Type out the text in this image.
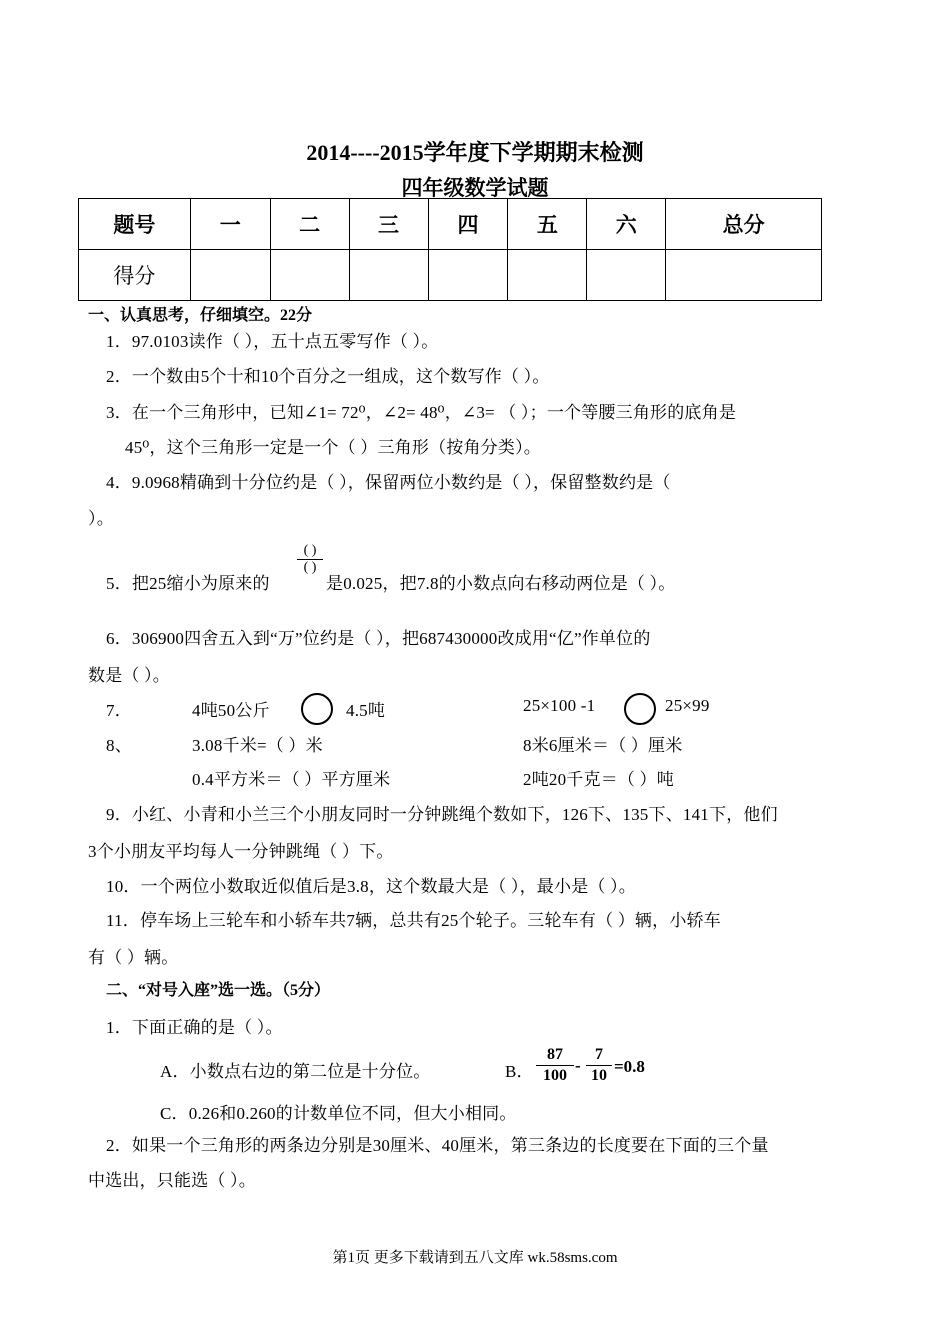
2014----2015学年度下学期期末检测
四年级数学试题
题号	一	二	三	四	五	六	总分
得分							
一、认真思考，仔细填空。22分
1．97.0103读作（ ），五十点五零写作（ ）。
2．一个数由5个十和10个百分之一组成，这个数写作（ ）。
3．在一个三角形中，已知∠1= 72⁰，∠2= 48⁰，∠3= （ ）；一个等腰三角形的底角是
45⁰，这个三角形一定是一个（ ）三角形（按角分类）。
4．9.0968精确到十分位约是（ ），保留两位小数约是（ ），保留整数约是（
）。
5．把25缩小为原来的
( )
( )
是0.025，把7.8的小数点向右移动两位是（ ）。
6．306900四舍五入到“万”位约是（ ），把687430000改成用“亿”作单位的
数是（ ）。
7．	4吨50公斤	4.5吨	25×100 -1	25×99
8、	3.08千米=（ ）米	8米6厘米＝（ ）厘米
0.4平方米＝（ ）平方厘米	2吨20千克＝（ ）吨
9．小红、小青和小兰三个小朋友同时一分钟跳绳个数如下，126下、135下、141下，他们
3个小朋友平均每人一分钟跳绳（ ）下。
10．一个两位小数取近似值后是3.8，这个数最大是（ ），最小是（ ）。
11．停车场上三轮车和小轿车共7辆，总共有25个轮子。三轮车有（ ）辆，小轿车
有（ ）辆。
二、“对号入座”选一选。（5分）
1．下面正确的是（ ）。
A．小数点右边的第二位是十分位。	B． $\frac{87}{100} - \frac{7}{10} =0.8$
C．0.26和0.260的计数单位不同，但大小相同。
2．如果一个三角形的两条边分别是30厘米、40厘米，第三条边的长度要在下面的三个量
中选出，只能选（ ）。
第1页 更多下载请到五八文库 wk.58sms.com
